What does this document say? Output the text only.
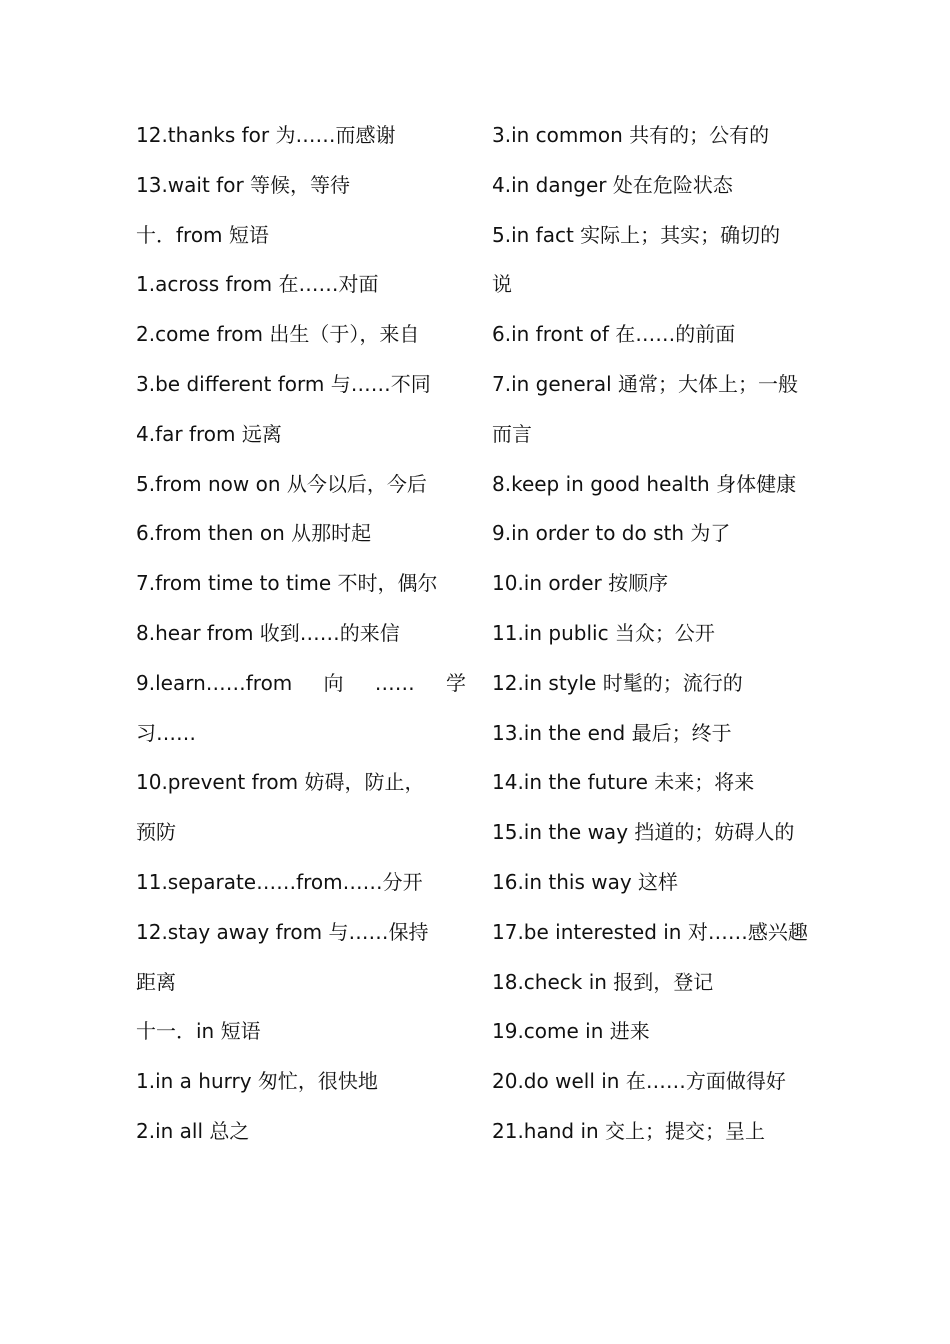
12.thanks for 为……而感谢
13.wait for 等候，等待
十．from 短语
1.across from 在……对面
2.come from 出生（于），来自
3.be different form 与……不同
4.far from 远离
5.from now on 从今以后，今后
6.from then on 从那时起
7.from time to time 不时，偶尔
8.hear from 收到……的来信
9.learn……from 向 …… 学
习……
10.prevent from 妨碍，防止，
预防
11.separate……from……分开
12.stay away from 与……保持
距离
十一．in 短语
1.in a hurry 匆忙，很快地
2.in all 总之
3.in common 共有的；公有的
4.in danger 处在危险状态
5.in fact 实际上；其实；确切的
说
6.in front of 在……的前面
7.in general 通常；大体上；一般
而言
8.keep in good health 身体健康
9.in order to do sth 为了
10.in order 按顺序
11.in public 当众；公开
12.in style 时髦的；流行的
13.in the end 最后；终于
14.in the future 未来；将来
15.in the way 挡道的；妨碍人的
16.in this way 这样
17.be interested in 对……感兴趣
18.check in 报到，登记
19.come in 进来
20.do well in 在……方面做得好
21.hand in 交上；提交；呈上
